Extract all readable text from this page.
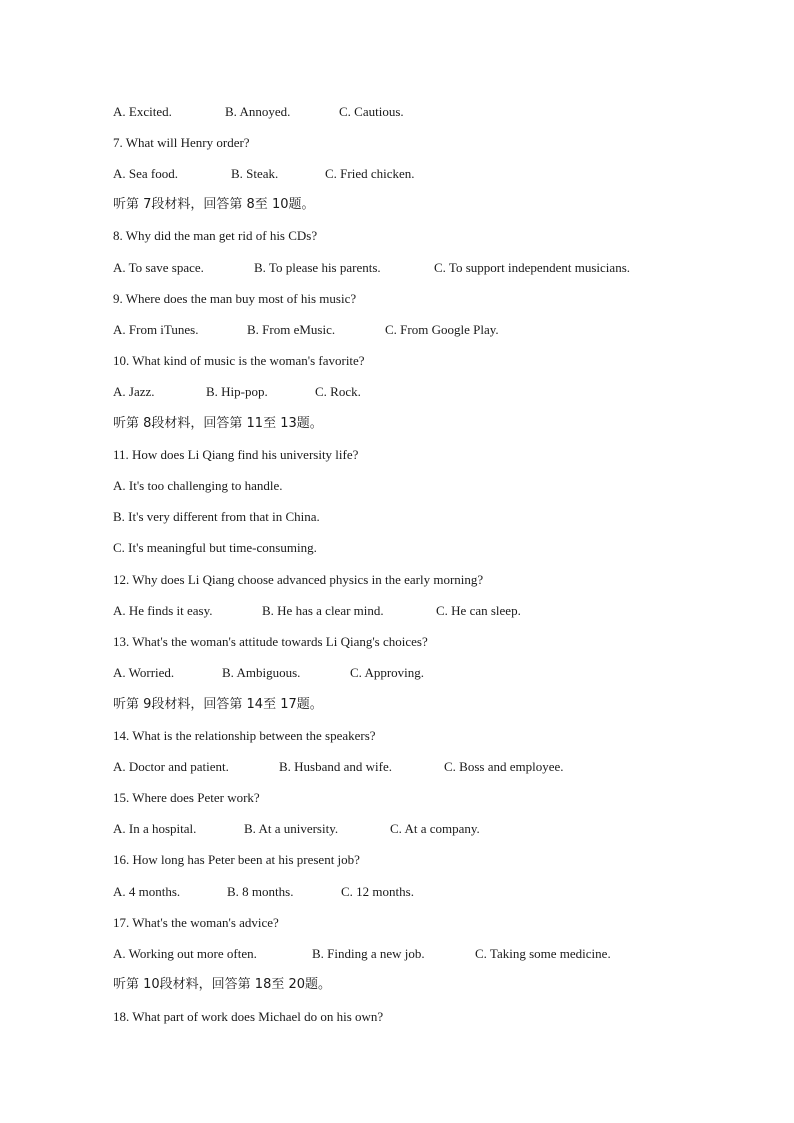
A. Excited.	B. Annoyed.	C. Cautious.
7. What will Henry order?
A. Sea food.	B. Steak.	C. Fried chicken.
听第 7段材料，回答第 8至 10题。
8. Why did the man get rid of his CDs?
A. To save space.	B. To please his parents.	C. To support independent musicians.
9. Where does the man buy most of his music?
A. From iTunes.	B. From eMusic.	C. From Google Play.
10. What kind of music is the woman's favorite?
A. Jazz.	B. Hip-pop.	C. Rock.
听第 8段材料，回答第 11至 13题。
11. How does Li Qiang find his university life?
A. It's too challenging to handle.
B. It's very different from that in China.
C. It's meaningful but time-consuming.
12. Why does Li Qiang choose advanced physics in the early morning?
A. He finds it easy.	B. He has a clear mind.	C. He can sleep.
13. What's the woman's attitude towards Li Qiang's choices?
A. Worried.	B. Ambiguous.	C. Approving.
听第 9段材料，回答第 14至 17题。
14. What is the relationship between the speakers?
A. Doctor and patient.	B. Husband and wife.	C. Boss and employee.
15. Where does Peter work?
A. In a hospital.	B. At a university.	C. At a company.
16. How long has Peter been at his present job?
A. 4 months.	B. 8 months.	C. 12 months.
17. What's the woman's advice?
A. Working out more often.	B. Finding a new job.	C. Taking some medicine.
听第 10段材料，回答第 18至 20题。
18. What part of work does Michael do on his own?
